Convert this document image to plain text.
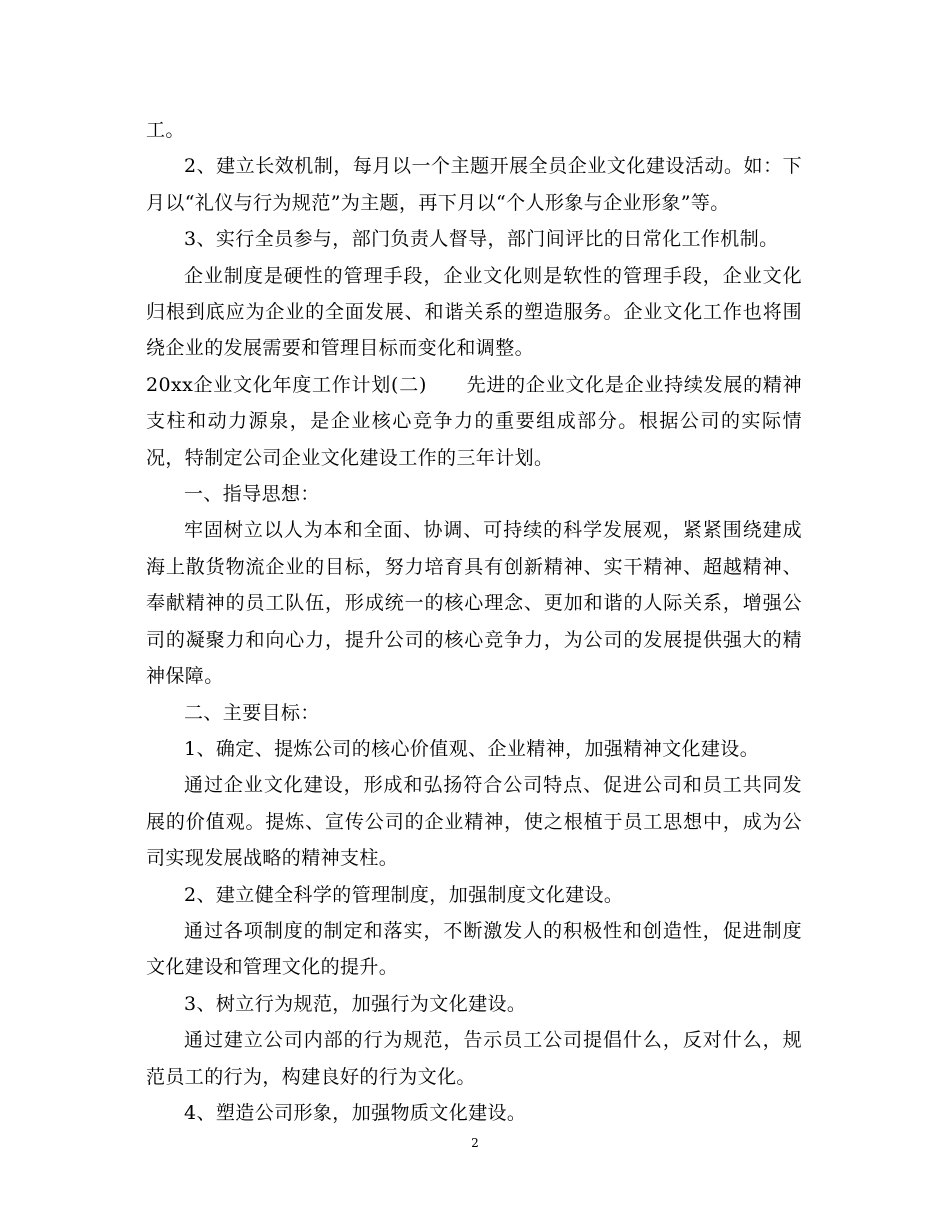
工。

2、建立长效机制，每月以一个主题开展全员企业文化建设活动。如：下月以“礼仪与行为规范”为主题，再下月以“个人形象与企业形象”等。

3、实行全员参与，部门负责人督导，部门间评比的日常化工作机制。

企业制度是硬性的管理手段，企业文化则是软性的管理手段，企业文化归根到底应为企业的全面发展、和谐关系的塑造服务。企业文化工作也将围绕企业的发展需要和管理目标而变化和调整。

20xx企业文化年度工作计划(二)　　先进的企业文化是企业持续发展的精神支柱和动力源泉，是企业核心竞争力的重要组成部分。根据公司的实际情况，特制定公司企业文化建设工作的三年计划。

一、指导思想：

牢固树立以人为本和全面、协调、可持续的科学发展观，紧紧围绕建成海上散货物流企业的目标，努力培育具有创新精神、实干精神、超越精神、奉献精神的员工队伍，形成统一的核心理念、更加和谐的人际关系，增强公司的凝聚力和向心力，提升公司的核心竞争力，为公司的发展提供强大的精神保障。

二、主要目标：

1、确定、提炼公司的核心价值观、企业精神，加强精神文化建设。

通过企业文化建设，形成和弘扬符合公司特点、促进公司和员工共同发展的价值观。提炼、宣传公司的企业精神，使之根植于员工思想中，成为公司实现发展战略的精神支柱。

2、建立健全科学的管理制度，加强制度文化建设。

通过各项制度的制定和落实，不断激发人的积极性和创造性，促进制度文化建设和管理文化的提升。

3、树立行为规范，加强行为文化建设。

通过建立公司内部的行为规范，告示员工公司提倡什么，反对什么，规范员工的行为，构建良好的行为文化。

4、塑造公司形象，加强物质文化建设。

2
